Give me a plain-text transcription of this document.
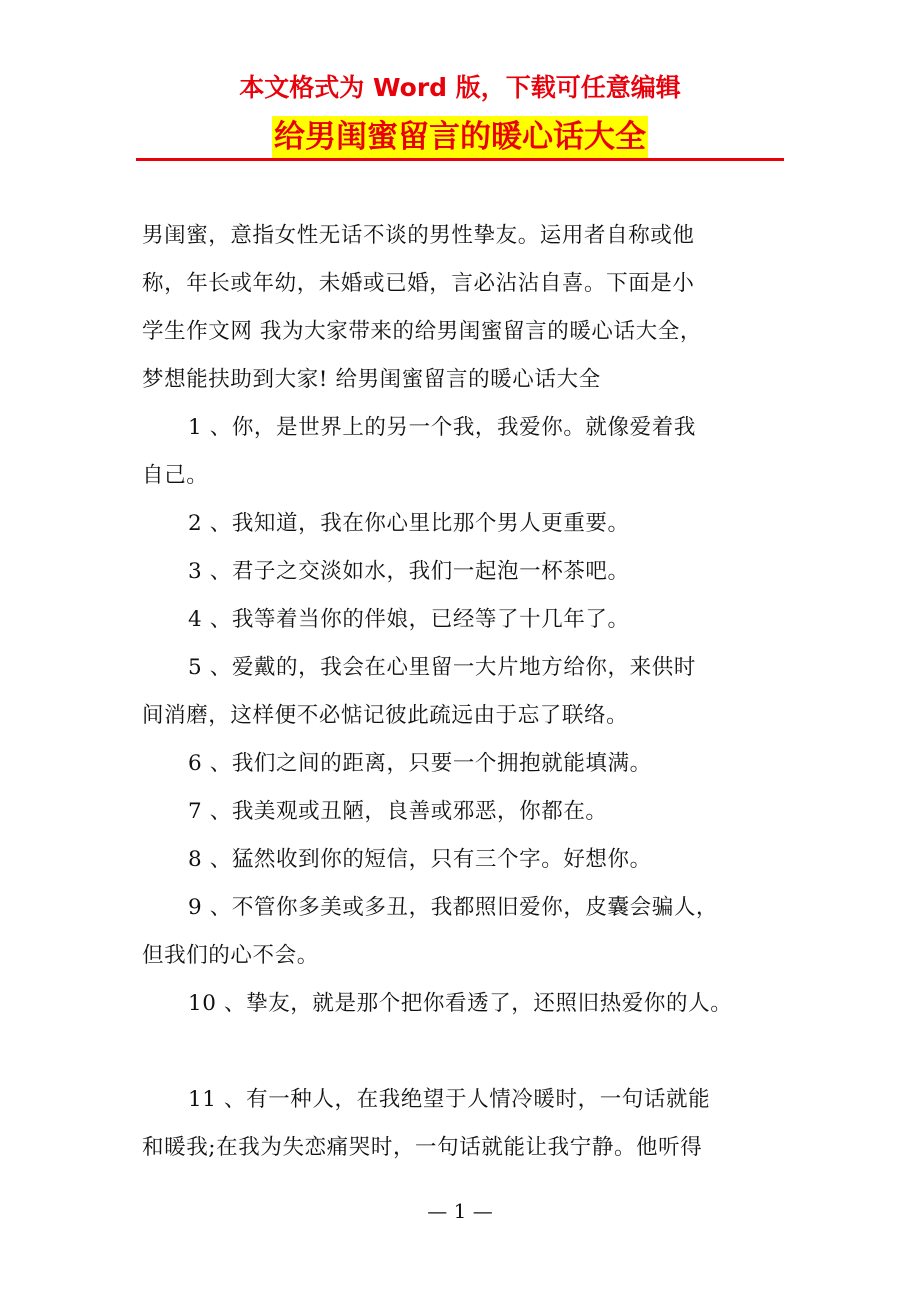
本文格式为 Word 版，下载可任意编辑
给男闺蜜留言的暖心话大全
男闺蜜，意指女性无话不谈的男性挚友。运用者自称或他
称，年长或年幼，未婚或已婚，言必沾沾自喜。下面是小
学生作文网 我为大家带来的给男闺蜜留言的暖心话大全，
梦想能扶助到大家! 给男闺蜜留言的暖心话大全
1 、你，是世界上的另一个我，我爱你。就像爱着我
自己。
2 、我知道，我在你心里比那个男人更重要。
3 、君子之交淡如水，我们一起泡一杯茶吧。
4 、我等着当你的伴娘，已经等了十几年了。
5 、爱戴的，我会在心里留一大片地方给你，来供时
间消磨，这样便不必惦记彼此疏远由于忘了联络。
6 、我们之间的距离，只要一个拥抱就能填满。
7 、我美观或丑陋，良善或邪恶，你都在。
8 、猛然收到你的短信，只有三个字。好想你。
9 、不管你多美或多丑，我都照旧爱你，皮囊会骗人，
但我们的心不会。
10 、挚友，就是那个把你看透了，还照旧热爱你的人。
11 、有一种人，在我绝望于人情冷暖时，一句话就能
和暖我;在我为失恋痛哭时，一句话就能让我宁静。他听得
— 1 —
